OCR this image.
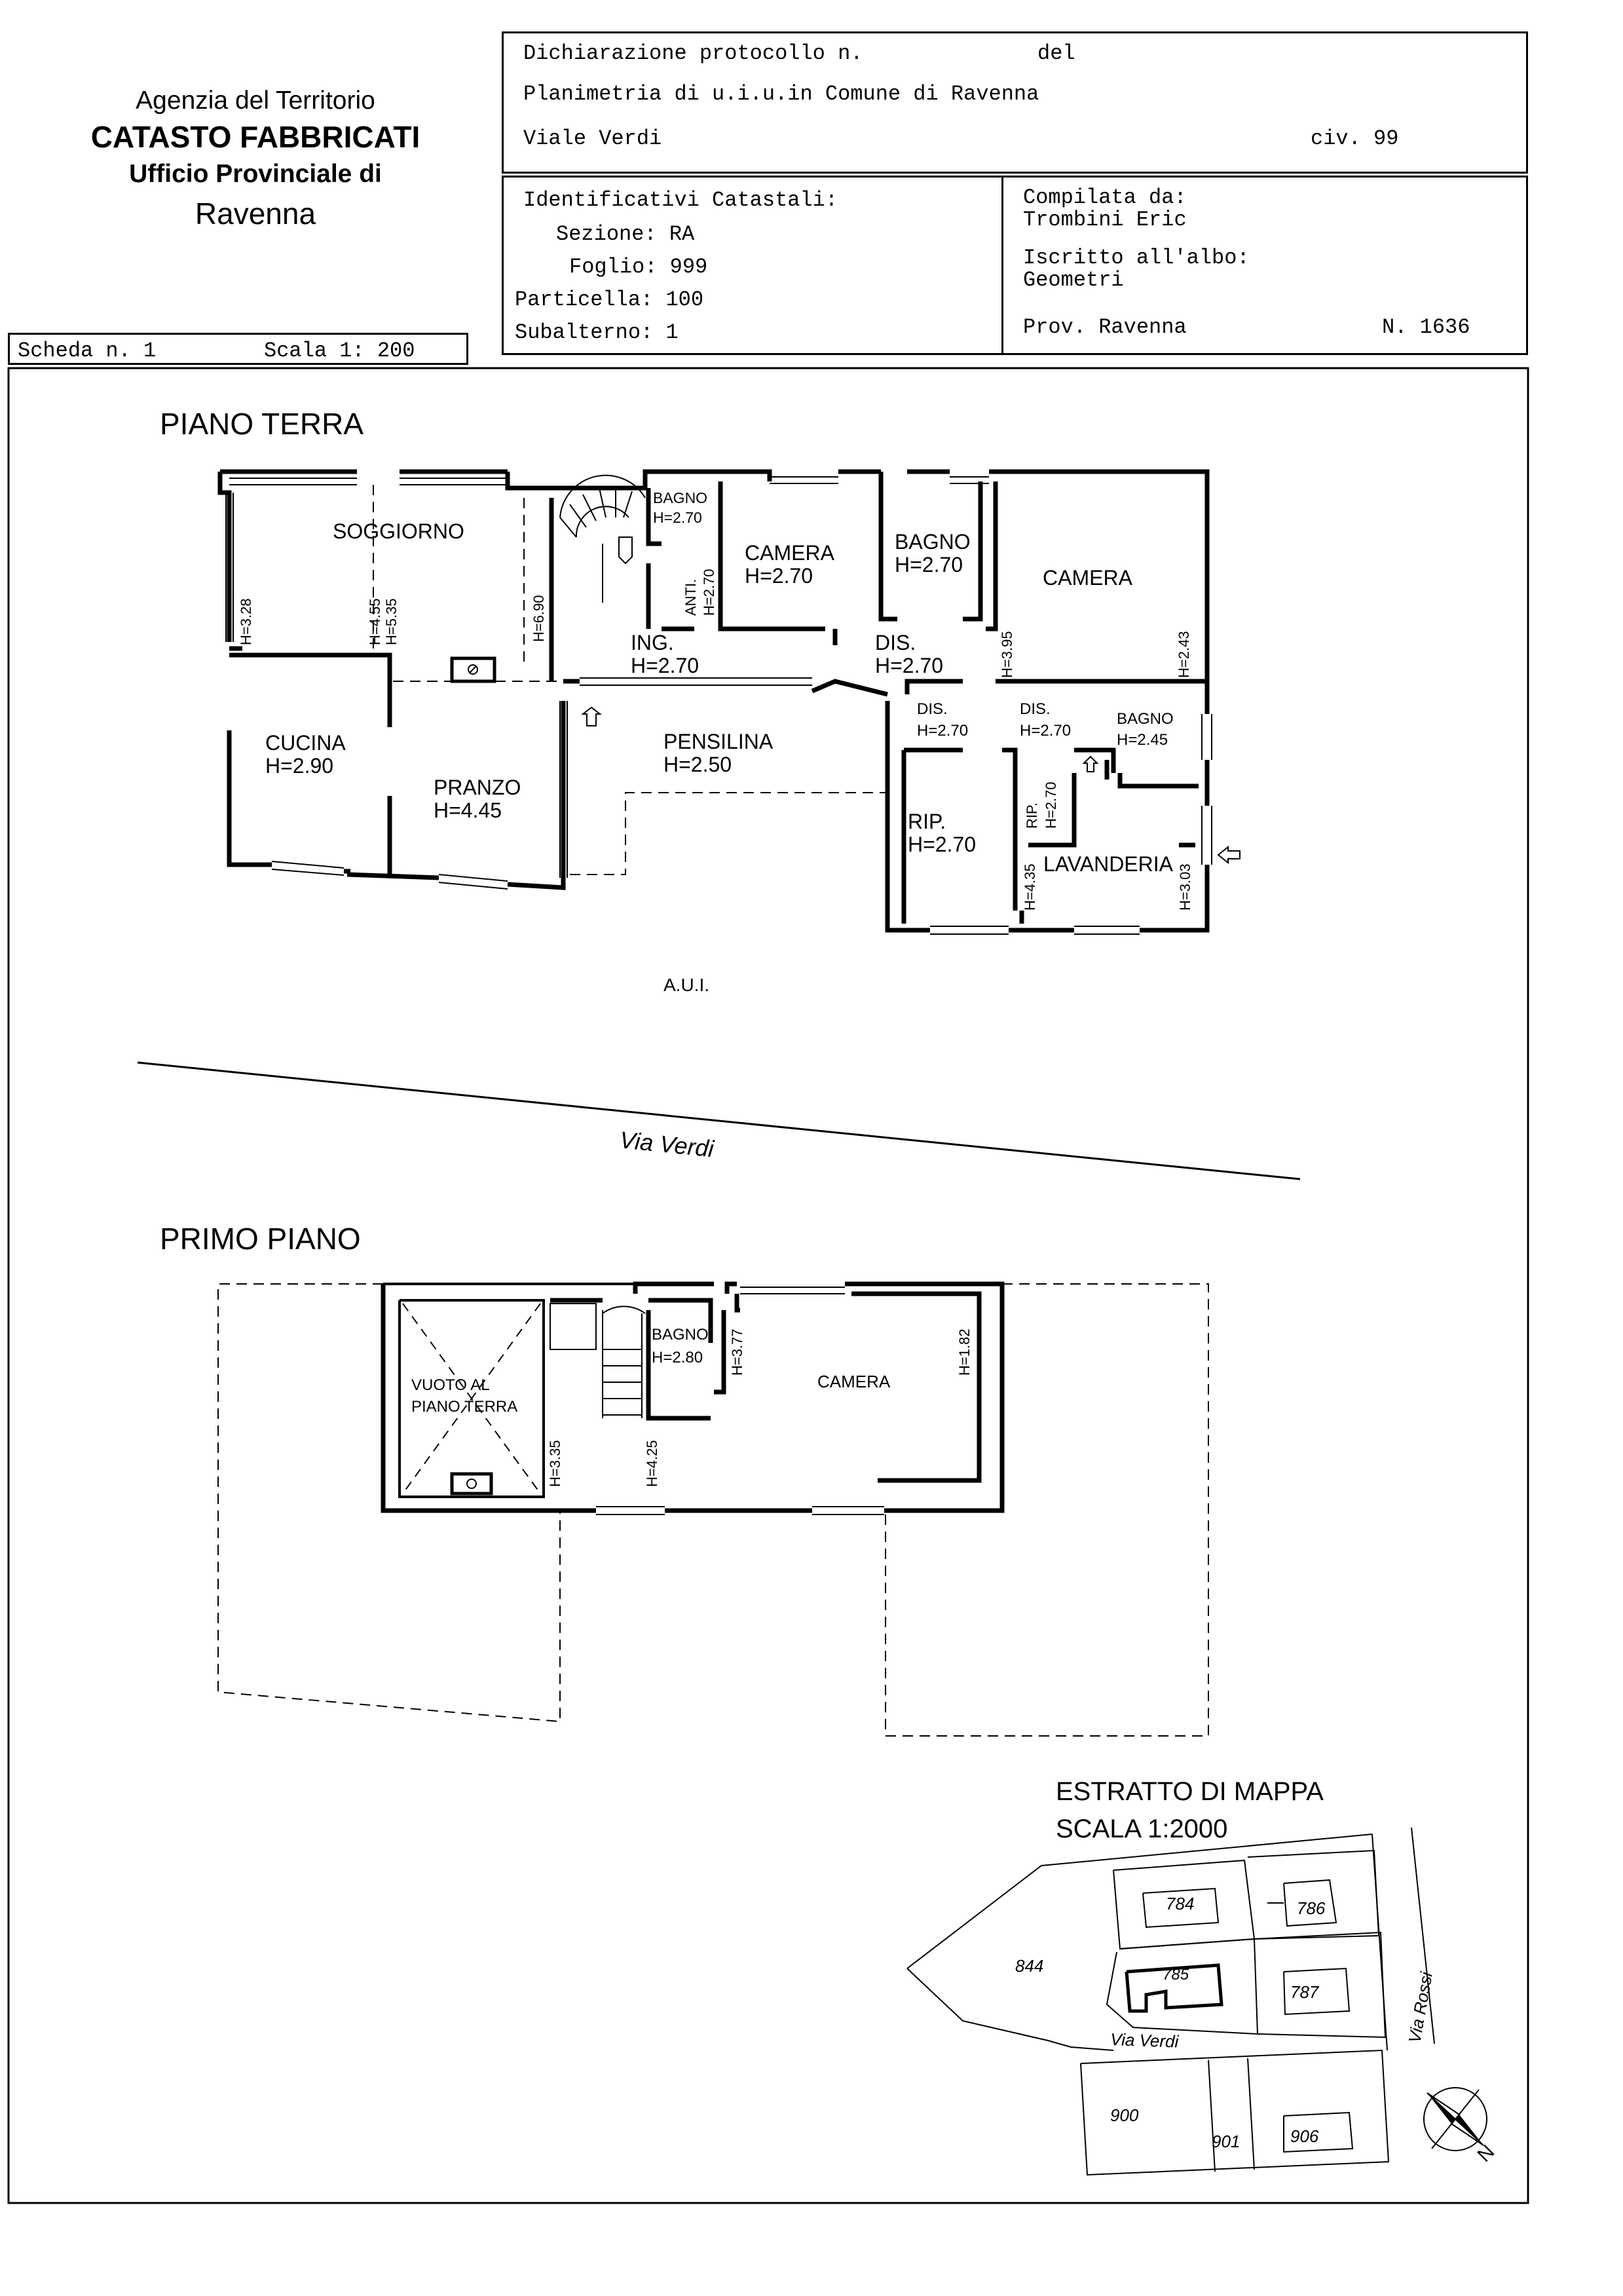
Agenzia del Territorio
CATASTO FABBRICATI
Ufficio Provinciale di
Ravenna
Dichiarazione protocollo n.	del
Planimetria di u.i.u.in Comune di Ravenna
Viale Verdi	civ. 99
Identificativi Catastali:
Sezione: RA
Foglio: 999
Particella: 100
Subalterno: 1
Compilata da:
Trombini Eric
Iscritto all'albo:
Geometri
Prov. Ravenna	N. 1636
Scheda n. 1	Scala 1: 200
PIANO TERRA
SOGGIORNO
CUCINA
H=2.90
PRANZO
H=4.45
BAGNO
H=2.70
ANTI. H=2.70
CAMERA
H=2.70
BAGNO
H=2.70
CAMERA
ING.
H=2.70
DIS.
H=2.70
PENSILINA
H=2.50
DIS.
H=2.70
DIS.
H=2.70
BAGNO
H=2.45
RIP.
H=2.70
RIP. H=2.70
LAVANDERIA
H=3.28	H=4.55 H=5.35	H=6.90
H=3.95	H=2.43
H=4.35	H=3.03
A.U.I.
Via Verdi
PRIMO PIANO
VUOTO AL
PIANO TERRA
BAGNO
H=2.80
CAMERA
H=3.77	H=1.82
H=3.35	H=4.25
ESTRATTO DI MAPPA
SCALA 1:2000
784	786
844	785
787
900
901	906
Via Verdi	Via Rossi
N
